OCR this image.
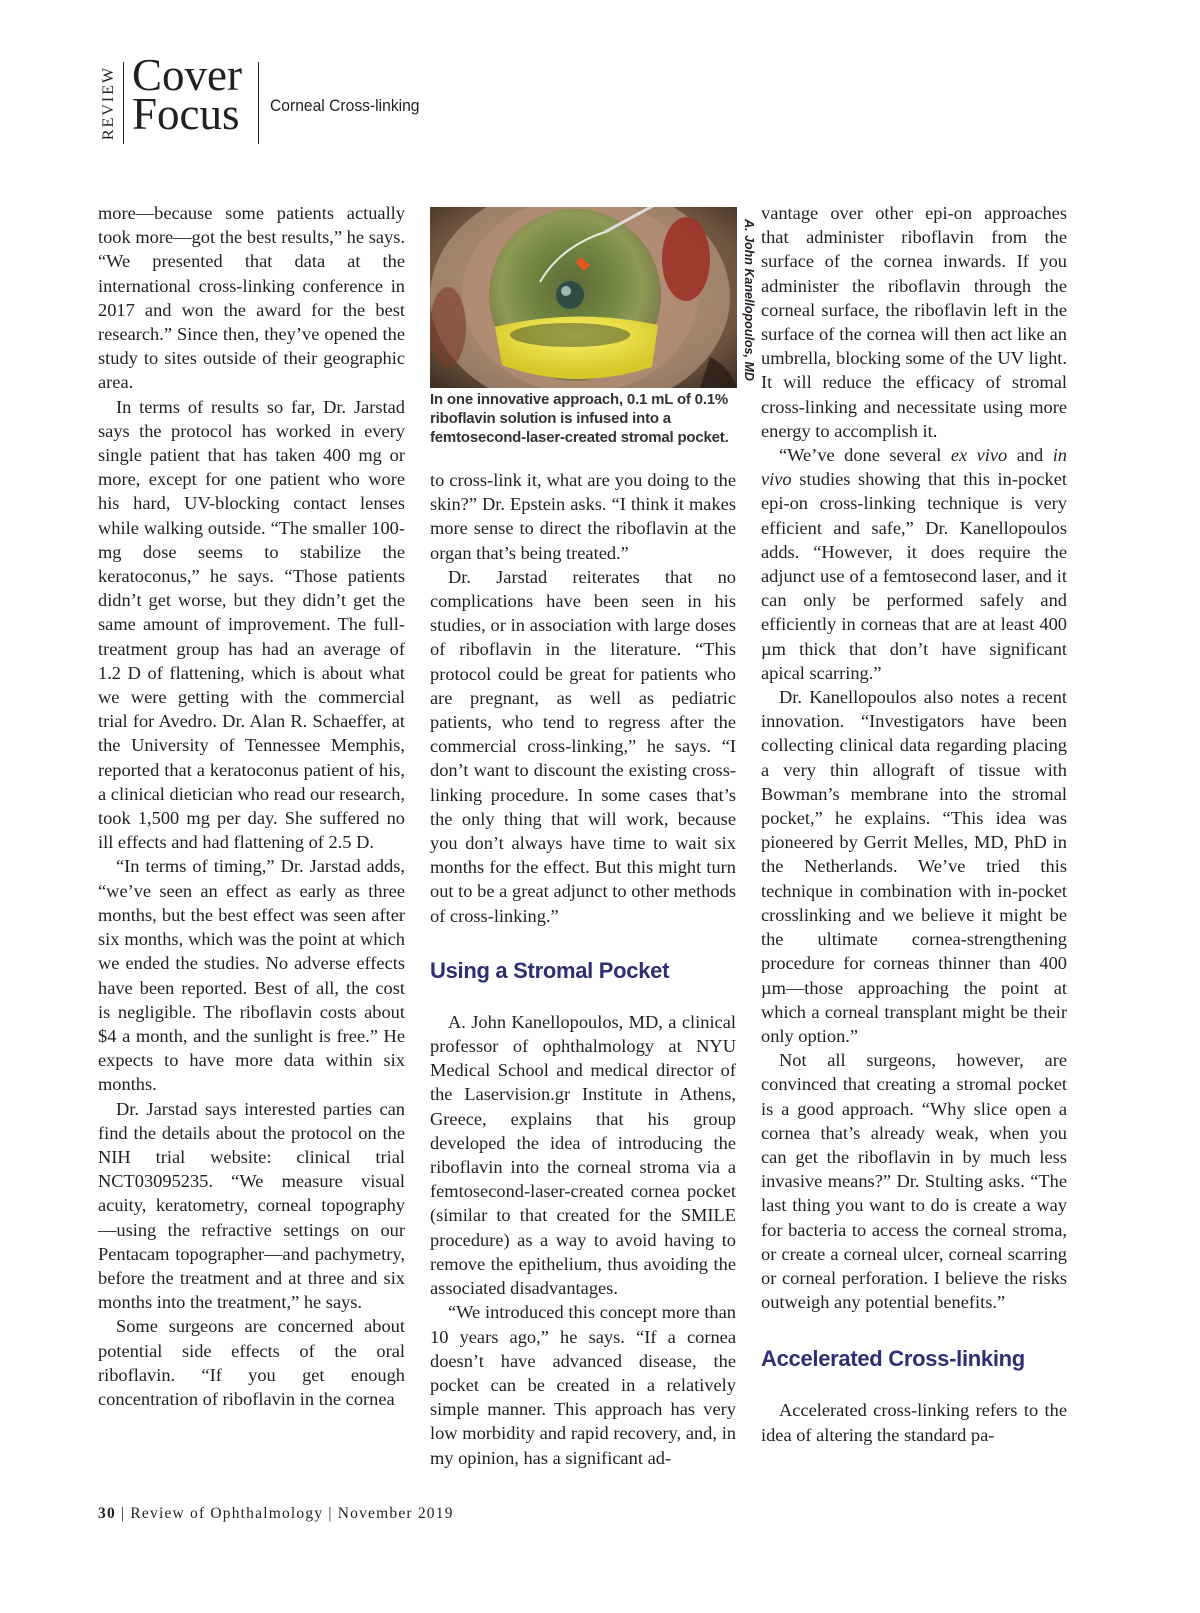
REVIEW Cover
Focus Corneal Cross-linking

more—because some patients actually took more—got the best results,” he says. “We presented that data at the international cross-linking conference in 2017 and won the award for the best research.” Since then, they’ve opened the study to sites outside of their geographic area.

In terms of results so far, Dr. Jarstad says the protocol has worked in every single patient that has taken 400 mg or more, except for one patient who wore his hard, UV-blocking contact lenses while walking outside. “The smaller 100-mg dose seems to stabilize the keratoconus,” he says. “Those patients didn’t get worse, but they didn’t get the same amount of improvement. The full-treatment group has had an average of 1.2 D of flattening, which is about what we were getting with the commercial trial for Avedro. Dr. Alan R. Schaeffer, at the University of Tennessee Memphis, reported that a keratoconus patient of his, a clinical dietician who read our research, took 1,500 mg per day. She suffered no ill effects and had flattening of 2.5 D.

“In terms of timing,” Dr. Jarstad adds, “we’ve seen an effect as early as three months, but the best effect was seen after six months, which was the point at which we ended the studies. No adverse effects have been reported. Best of all, the cost is negligible. The riboflavin costs about $4 a month, and the sunlight is free.” He expects to have more data within six months.

Dr. Jarstad says interested parties can find the details about the protocol on the NIH trial website: clinical trial NCT03095235. “We measure visual acuity, keratometry, corneal topography—using the refractive settings on our Pentacam topographer—and pachymetry, before the treatment and at three and six months into the treatment,” he says.

Some surgeons are concerned about potential side effects of the oral riboflavin. “If you get enough concentration of riboflavin in the cornea

In one innovative approach, 0.1 mL of 0.1% riboflavin solution is infused into a femtosecond-laser-created stromal pocket.
A. John Kanellopoulos, MD

to cross-link it, what are you doing to the skin?” Dr. Epstein asks. “I think it makes more sense to direct the riboflavin at the organ that’s being treated.”

Dr. Jarstad reiterates that no complications have been seen in his studies, or in association with large doses of riboflavin in the literature. “This protocol could be great for patients who are pregnant, as well as pediatric patients, who tend to regress after the commercial cross-linking,” he says. “I don’t want to discount the existing cross-linking procedure. In some cases that’s the only thing that will work, because you don’t always have time to wait six months for the effect. But this might turn out to be a great adjunct to other methods of cross-linking.”

Using a Stromal Pocket

A. John Kanellopoulos, MD, a clinical professor of ophthalmology at NYU Medical School and medical director of the Laservision.gr Institute in Athens, Greece, explains that his group developed the idea of introducing the riboflavin into the corneal stroma via a femtosecond-laser-created cornea pocket (similar to that created for the SMILE procedure) as a way to avoid having to remove the epithelium, thus avoiding the associated disadvantages.

“We introduced this concept more than 10 years ago,” he says. “If a cornea doesn’t have advanced disease, the pocket can be created in a relatively simple manner. This approach has very low morbidity and rapid recovery, and, in my opinion, has a significant ad-

vantage over other epi-on approaches that administer riboflavin from the surface of the cornea inwards. If you administer the riboflavin through the corneal surface, the riboflavin left in the surface of the cornea will then act like an umbrella, blocking some of the UV light. It will reduce the efficacy of stromal cross-linking and necessitate using more energy to accomplish it.

“We’ve done several ex vivo and in vivo studies showing that this in-pocket epi-on cross-linking technique is very efficient and safe,” Dr. Kanellopoulos adds. “However, it does require the adjunct use of a femtosecond laser, and it can only be performed safely and efficiently in corneas that are at least 400 µm thick that don’t have significant apical scarring.”

Dr. Kanellopoulos also notes a recent innovation. “Investigators have been collecting clinical data regarding placing a very thin allograft of tissue with Bowman’s membrane into the stromal pocket,” he explains. “This idea was pioneered by Gerrit Melles, MD, PhD in the Netherlands. We’ve tried this technique in combination with in-pocket crosslinking and we believe it might be the ultimate cornea-strengthening procedure for corneas thinner than 400 µm—those approaching the point at which a corneal transplant might be their only option.”

Not all surgeons, however, are convinced that creating a stromal pocket is a good approach. “Why slice open a cornea that’s already weak, when you can get the riboflavin in by much less invasive means?” Dr. Stulting asks. “The last thing you want to do is create a way for bacteria to access the corneal stroma, or create a corneal ulcer, corneal scarring or corneal perforation. I believe the risks outweigh any potential benefits.”

Accelerated Cross-linking

Accelerated cross-linking refers to the idea of altering the standard pa-

30 | Review of Ophthalmology | November 2019
